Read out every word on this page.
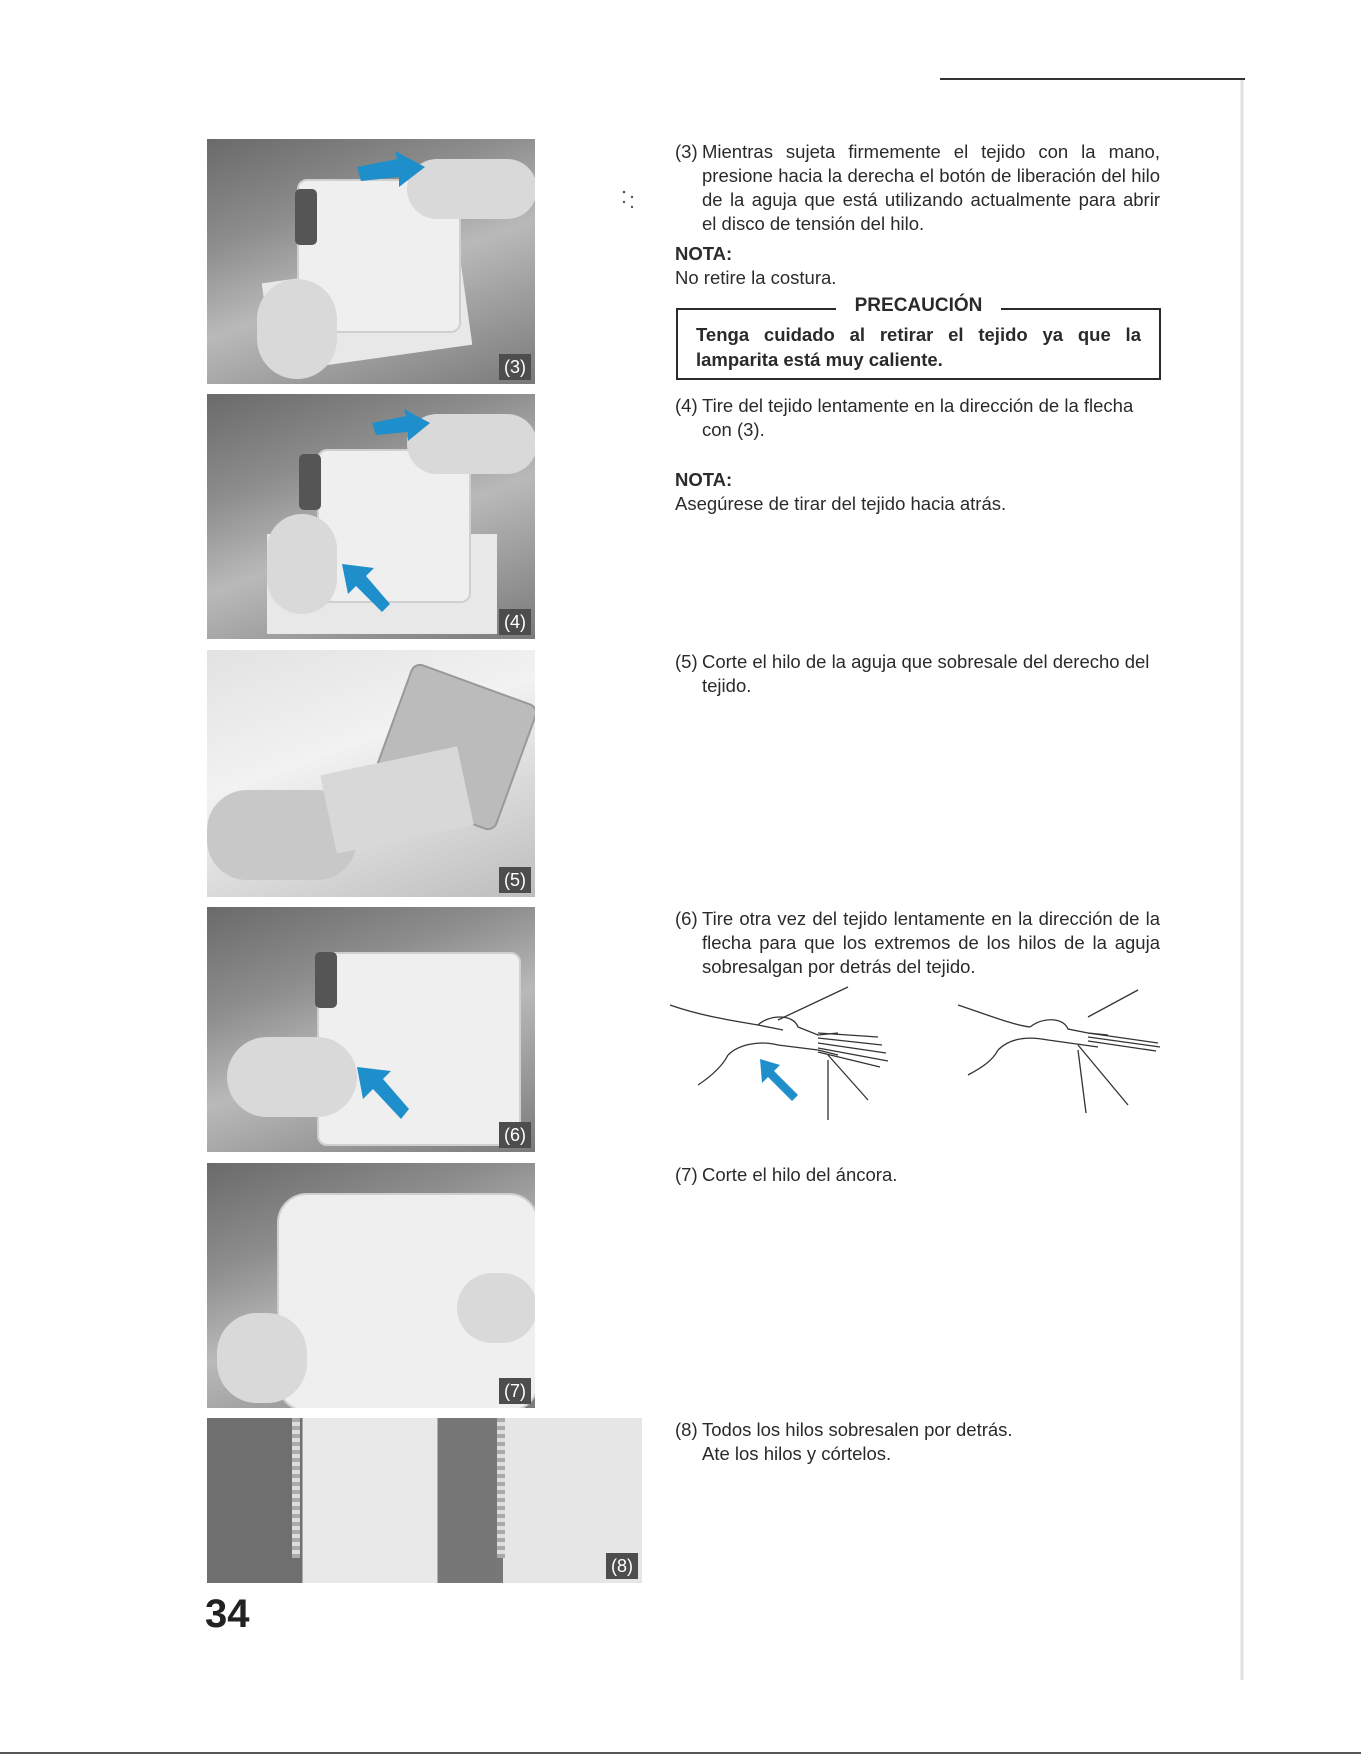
(3)
(4)
(5)
(6)
(7)
(8)
(3) Mientras sujeta firmemente el tejido con la mano, presione hacia la derecha el botón de liberación del hilo de la aguja que está utilizando actualmente para abrir el disco de tensión del hilo.
NOTA:
No retire la costura.
PRECAUCIÓN
Tenga cuidado al retirar el tejido ya que la lamparita está muy caliente.
(4) Tire del tejido lentamente en la dirección de la flecha con (3).
NOTA:
Asegúrese de tirar del tejido hacia atrás.
(5) Corte el hilo de la aguja que sobresale del derecho del tejido.
(6) Tire otra vez del tejido lentamente en la dirección de la flecha para que los extremos de los hilos de la aguja sobresalgan por detrás del tejido.
(7) Corte el hilo del áncora.
(8) Todos los hilos sobresalen por detrás.
Ate los hilos y córtelos.
34
